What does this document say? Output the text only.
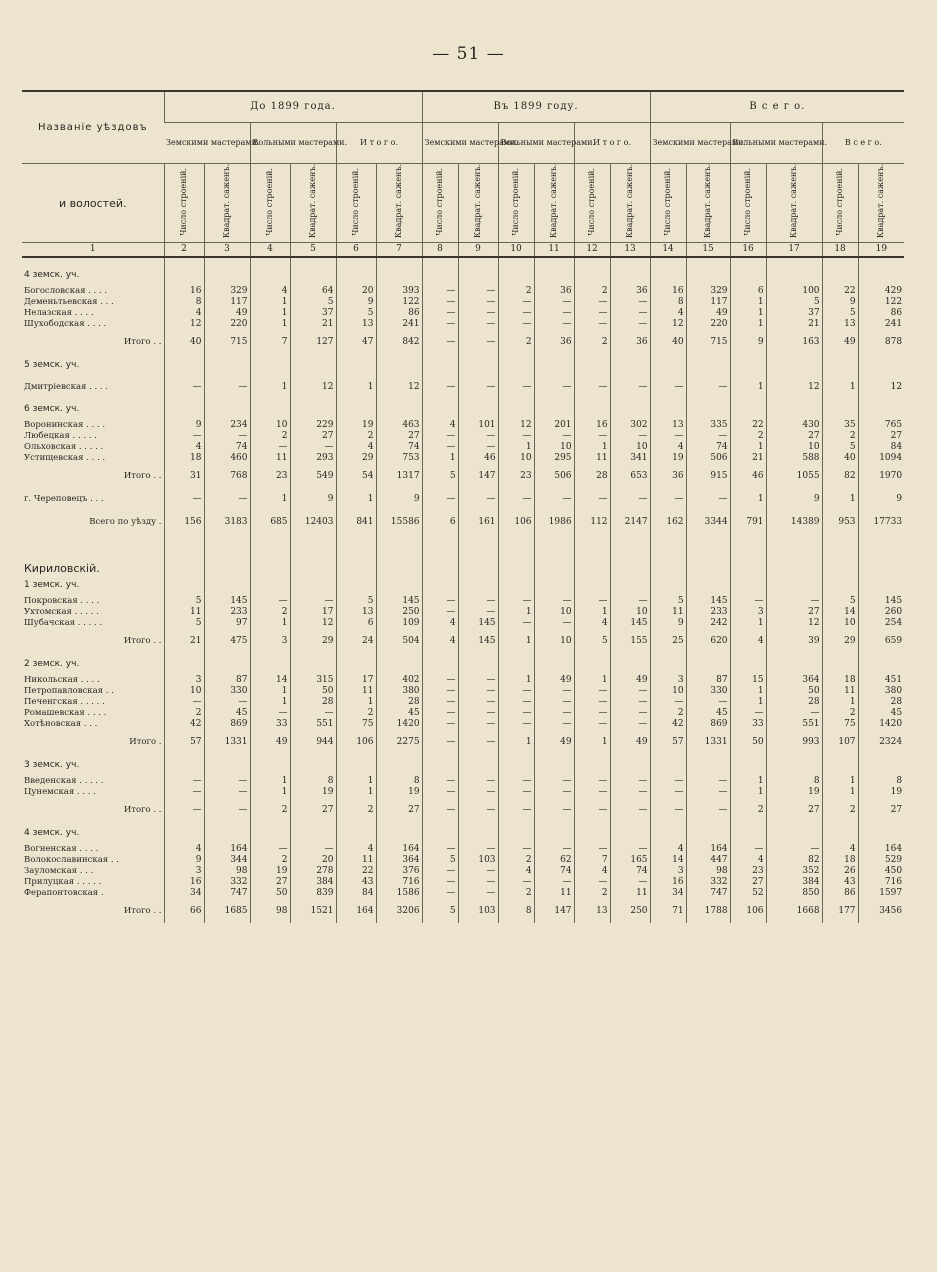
— 51 —
Названіе уѣздовъ	До 1899 года.						Въ 1899 году.						В с е г о.					
	Земскими мастерами.		Вольными мастерами.		И т о г о.		Земскими мастерами.		Вольными мастерами.		И т о г о.		Земскими мастерами.		Вольными мастерами.		В с е г о.	
и волостей.	Число строеній.	Квадрат. саженъ.	Число строеній.	Квадрат. саженъ.	Число строеній.	Квадрат. саженъ.	Число строеній.	Квадрат. саженъ.	Число строеній.	Квадрат. саженъ.	Число строеній.	Квадрат. саженъ.	Число строеній.	Квадрат. саженъ.	Число строеній.	Квадрат. саженъ.	Число строеній.	Квадрат. саженъ.
1	2	3	4	5	6	7	8	9	10	11	12	13	14	15	16	17	18	19

4 земск. уч.																		
Богословская . . . .	16	329	4	64	20	393	—	—	2	36	2	36	16	329	6	100	22	429
Деменьтьевская . . .	8	117	1	5	9	122	—	—	—	—	—	—	8	117	1	5	9	122
Нелазская . . . .	4	49	1	37	5	86	—	—	—	—	—	—	4	49	1	37	5	86
Шухободская . . . .	12	220	1	21	13	241	—	—	—	—	—	—	12	220	1	21	13	241
Итого . .	40	715	7	127	47	842	—	—	2	36	2	36	40	715	9	163	49	878
5 земск. уч.																		
Дмитріевская . . . .	—	—	1	12	1	12	—	—	—	—	—	—	—	—	1	12	1	12
6 земск. уч.																		
Воронинская . . . .	9	234	10	229	19	463	4	101	12	201	16	302	13	335	22	430	35	765
Любецкая . . . . .	—	—	2	27	2	27	—	—	—	—	—	—	—	—	2	27	2	27
Ольховская . . . . .	4	74	—	—	4	74	—	—	1	10	1	10	4	74	1	10	5	84
Устищевская . . . .	18	460	11	293	29	753	1	46	10	295	11	341	19	506	21	588	40	1094
Итого . .	31	768	23	549	54	1317	5	147	23	506	28	653	36	915	46	1055	82	1970
г. Череповецъ . . .	—	—	1	9	1	9	—	—	—	—	—	—	—	—	1	9	1	9
Всего по уѣзду .	156	3183	685	12403	841	15586	6	161	106	1986	112	2147	162	3344	791	14389	953	17733
Кириловскій.																		
1 земск. уч.																		
Покровская . . . .	5	145	—	—	5	145	—	—	—	—	—	—	5	145	—	—	5	145
Ухтомская . . . . .	11	233	2	17	13	250	—	—	1	10	1	10	11	233	3	27	14	260
Шубачская . . . . .	5	97	1	12	6	109	4	145	—	—	4	145	9	242	1	12	10	254
Итого . .	21	475	3	29	24	504	4	145	1	10	5	155	25	620	4	39	29	659
2 земск. уч.																		
Никольская . . . .	3	87	14	315	17	402	—	—	1	49	1	49	3	87	15	364	18	451
Петропавловская . .	10	330	1	50	11	380	—	—	—	—	—	—	10	330	1	50	11	380
Печенгская . . . . .	—	—	1	28	1	28	—	—	—	—	—	—	—	—	1	28	1	28
Ромашевская . . . .	2	45	—	—	2	45	—	—	—	—	—	—	2	45	—	—	2	45
Хотѣновская . . .	42	869	33	551	75	1420	—	—	—	—	—	—	42	869	33	551	75	1420
Итого .	57	1331	49	944	106	2275	—	—	1	49	1	49	57	1331	50	993	107	2324
3 земск. уч.																		
Введенская . . . . .	—	—	1	8	1	8	—	—	—	—	—	—	—	—	1	8	1	8
Цунемская . . . .	—	—	1	19	1	19	—	—	—	—	—	—	—	—	1	19	1	19
Итого . .	—	—	2	27	2	27	—	—	—	—	—	—	—	—	2	27	2	27
4 земск. уч.																		
Вогненская . . . .	4	164	—	—	4	164	—	—	—	—	—	—	4	164	—	—	4	164
Волокославинская . .	9	344	2	20	11	364	5	103	2	62	7	165	14	447	4	82	18	529
Зауломская . . .	3	98	19	278	22	376	—	—	4	74	4	74	3	98	23	352	26	450
Прилуцкая . . . . .	16	332	27	384	43	716	—	—	—	—	—	—	16	332	27	384	43	716
Ферапонтовская .	34	747	50	839	84	1586	—	—	2	11	2	11	34	747	52	850	86	1597
Итого . .	66	1685	98	1521	164	3206	5	103	8	147	13	250	71	1788	106	1668	177	3456
